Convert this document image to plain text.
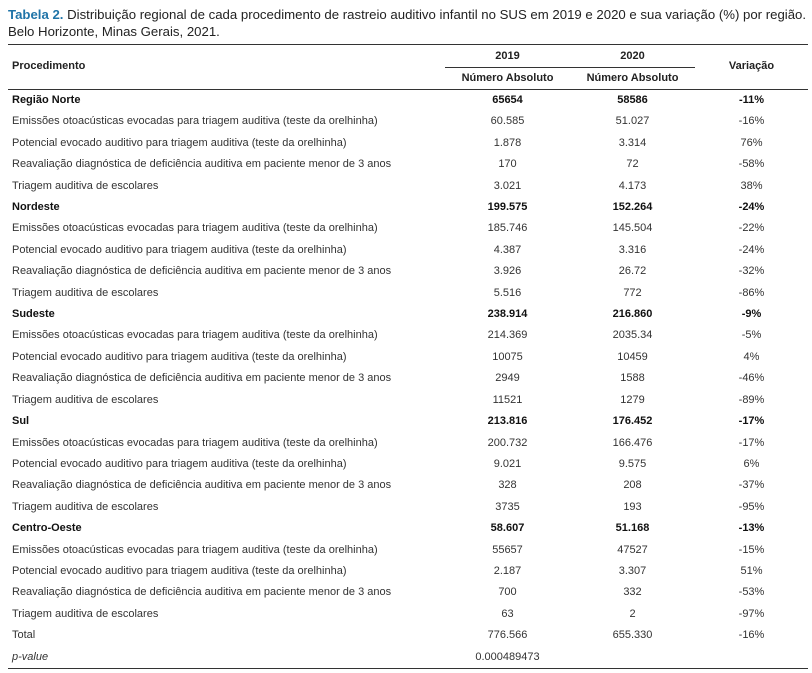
Tabela 2. Distribuição regional de cada procedimento de rastreio auditivo infantil no SUS em 2019 e 2020 e sua variação (%) por região. Belo Horizonte, Minas Gerais, 2021.
Procedimento	2019	2020	Variação
	Número Absoluto	Número Absoluto	
Região Norte	65654	58586	-11%
Emissões otoacústicas evocadas para triagem auditiva (teste da orelhinha)	60.585	51.027	-16%
Potencial evocado auditivo para triagem auditiva (teste da orelhinha)	1.878	3.314	76%
Reavaliação diagnóstica de deficiência auditiva em paciente menor de 3 anos	170	72	-58%
Triagem auditiva de escolares	3.021	4.173	38%
Nordeste	199.575	152.264	-24%
Emissões otoacústicas evocadas para triagem auditiva (teste da orelhinha)	185.746	145.504	-22%
Potencial evocado auditivo para triagem auditiva (teste da orelhinha)	4.387	3.316	-24%
Reavaliação diagnóstica de deficiência auditiva em paciente menor de 3 anos	3.926	26.72	-32%
Triagem auditiva de escolares	5.516	772	-86%
Sudeste	238.914	216.860	-9%
Emissões otoacústicas evocadas para triagem auditiva (teste da orelhinha)	214.369	2035.34	-5%
Potencial evocado auditivo para triagem auditiva (teste da orelhinha)	10075	10459	4%
Reavaliação diagnóstica de deficiência auditiva em paciente menor de 3 anos	2949	1588	-46%
Triagem auditiva de escolares	11521	1279	-89%
Sul	213.816	176.452	-17%
Emissões otoacústicas evocadas para triagem auditiva (teste da orelhinha)	200.732	166.476	-17%
Potencial evocado auditivo para triagem auditiva (teste da orelhinha)	9.021	9.575	6%
Reavaliação diagnóstica de deficiência auditiva em paciente menor de 3 anos	328	208	-37%
Triagem auditiva de escolares	3735	193	-95%
Centro-Oeste	58.607	51.168	-13%
Emissões otoacústicas evocadas para triagem auditiva (teste da orelhinha)	55657	47527	-15%
Potencial evocado auditivo para triagem auditiva (teste da orelhinha)	2.187	3.307	51%
Reavaliação diagnóstica de deficiência auditiva em paciente menor de 3 anos	700	332	-53%
Triagem auditiva de escolares	63	2	-97%
Total	776.566	655.330	-16%
p-value	0.000489473		
